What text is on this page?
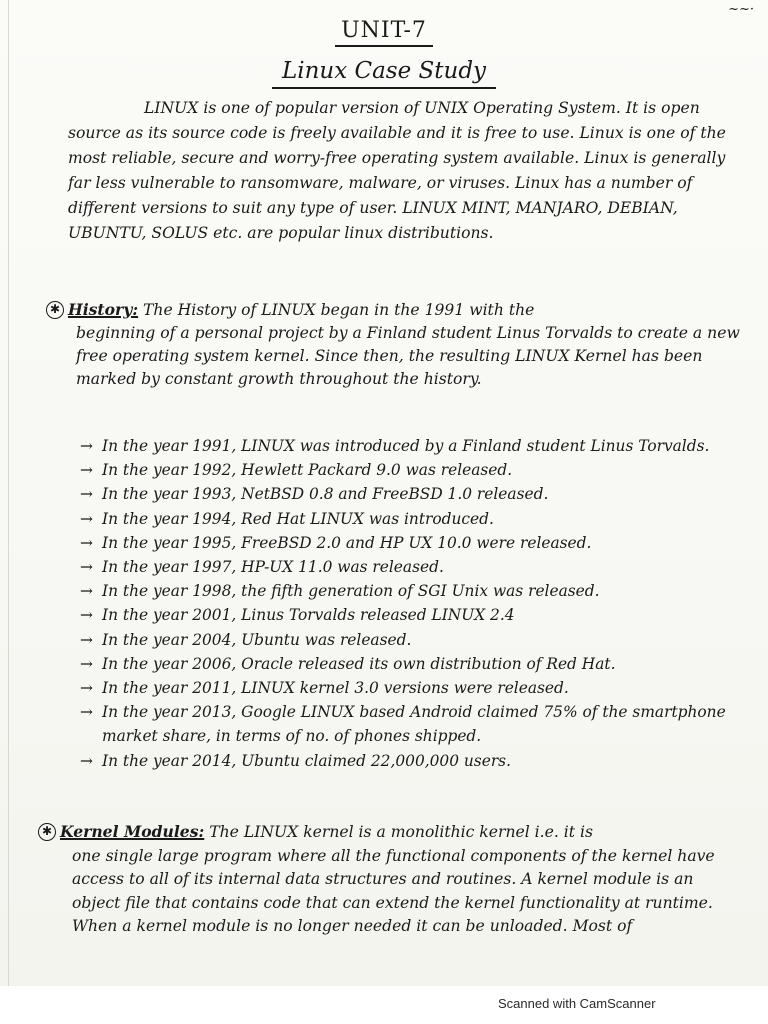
~~·
UNIT-7
Linux Case Study

LINUX is one of popular version of UNIX Operating System. It is open source as its source code is freely available and it is free to use. Linux is one of the most reliable, secure and worry-free operating system available. Linux is generally far less vulnerable to ransomware, malware, or viruses. Linux has a number of different versions to suit any type of user. LINUX MINT, MANJARO, DEBIAN, UBUNTU, SOLUS etc. are popular linux distributions.

✱ History: The History of LINUX began in the 1991 with the
beginning of a personal project by a Finland student Linus Torvalds to create a new free operating system kernel. Since then, the resulting LINUX Kernel has been marked by constant growth throughout the history.
→ In the year 1991, LINUX was introduced by a Finland student Linus Torvalds.
→ In the year 1992, Hewlett Packard 9.0 was released.
→ In the year 1993, NetBSD 0.8 and FreeBSD 1.0 released.
→ In the year 1994, Red Hat LINUX was introduced.
→ In the year 1995, FreeBSD 2.0 and HP UX 10.0 were released.
→ In the year 1997, HP-UX 11.0 was released.
→ In the year 1998, the fifth generation of SGI Unix was released.
→ In the year 2001, Linus Torvalds released LINUX 2.4
→ In the year 2004, Ubuntu was released.
→ In the year 2006, Oracle released its own distribution of Red Hat.
→ In the year 2011, LINUX kernel 3.0 versions were released.
→ In the year 2013, Google LINUX based Android claimed 75% of the smartphone market share, in terms of no. of phones shipped.
→ In the year 2014, Ubuntu claimed 22,000,000 users.
✱ Kernel Modules: The LINUX kernel is a monolithic kernel i.e. it is
one single large program where all the functional components of the kernel have access to all of its internal data structures and routines. A kernel module is an object file that contains code that can extend the kernel functionality at runtime. When a kernel module is no longer needed it can be unloaded. Most of
Scanned with CamScanner
